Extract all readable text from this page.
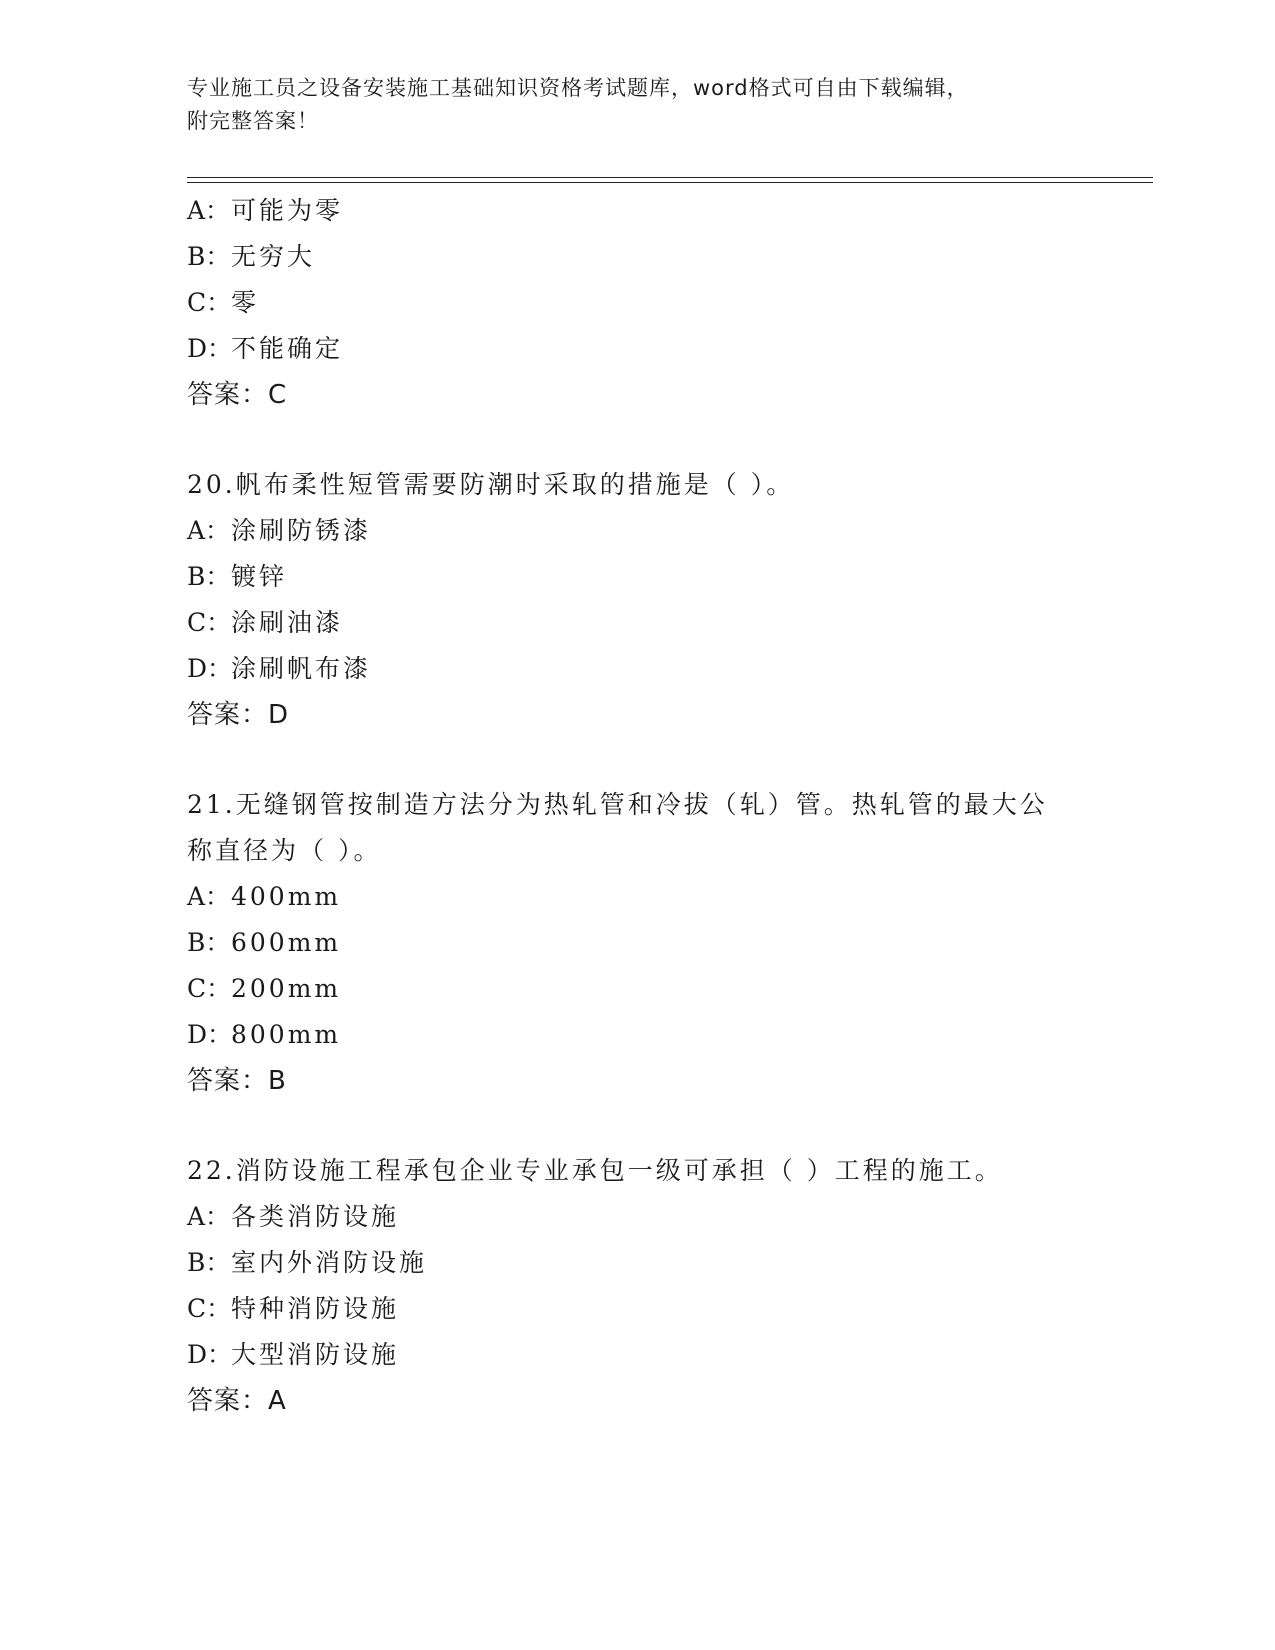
专业施工员之设备安装施工基础知识资格考试题库，word格式可自由下载编辑，
附完整答案！
A：可能为零
B：无穷大
C：零
D：不能确定
答案：C
20.帆布柔性短管需要防潮时采取的措施是（ ）。
A：涂刷防锈漆
B：镀锌
C：涂刷油漆
D：涂刷帆布漆
答案：D
21.无缝钢管按制造方法分为热轧管和冷拔（轧）管。热轧管的最大公
称直径为（ ）。
A：400mm
B：600mm
C：200mm
D：800mm
答案：B
22.消防设施工程承包企业专业承包一级可承担（ ）工程的施工。
A：各类消防设施
B：室内外消防设施
C：特种消防设施
D：大型消防设施
答案：A
